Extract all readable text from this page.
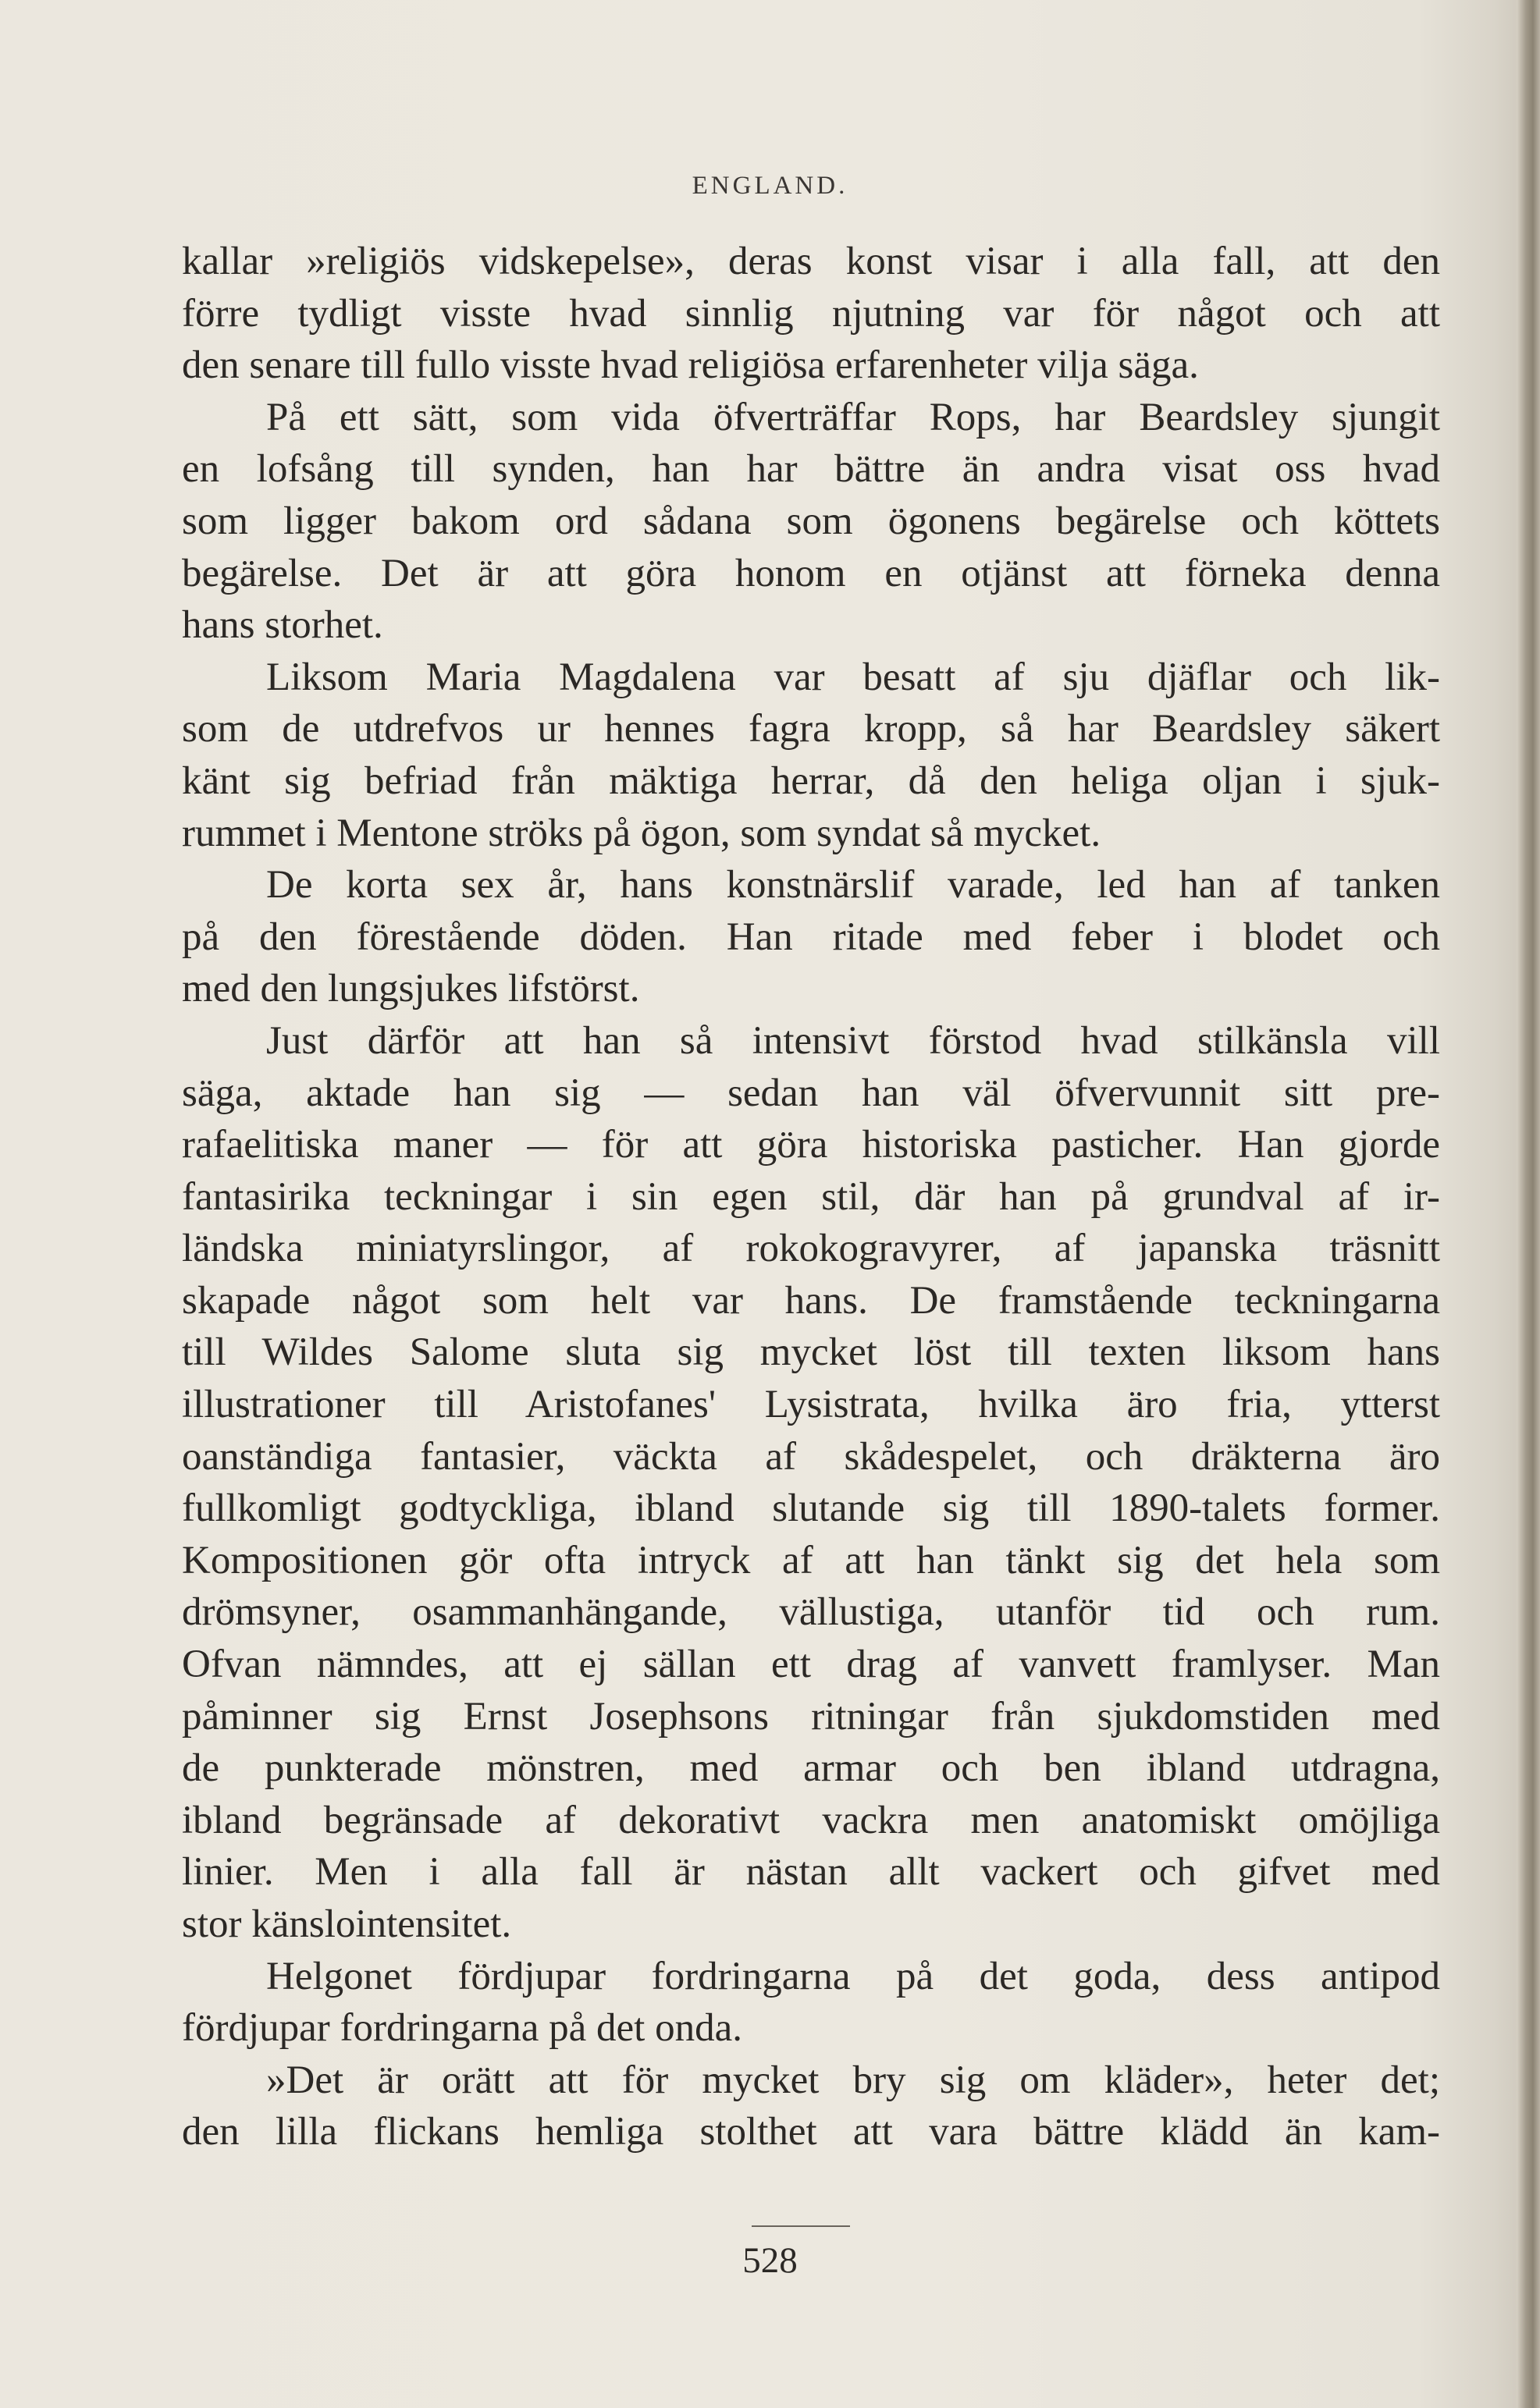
ENGLAND.
kallar »religiös vidskepelse», deras konst visar i alla fall, att den
förre tydligt visste hvad sinnlig njutning var för något och att
den senare till fullo visste hvad religiösa erfarenheter vilja säga.
På ett sätt, som vida öfverträffar Rops, har Beardsley sjungit
en lofsång till synden, han har bättre än andra visat oss hvad
som ligger bakom ord sådana som ögonens begärelse och köttets
begärelse. Det är att göra honom en otjänst att förneka denna
hans storhet.
Liksom Maria Magdalena var besatt af sju djäflar och lik-
som de utdrefvos ur hennes fagra kropp, så har Beardsley säkert
känt sig befriad från mäktiga herrar, då den heliga oljan i sjuk-
rummet i Mentone ströks på ögon, som syndat så mycket.
De korta sex år, hans konstnärslif varade, led han af tanken
på den förestående döden. Han ritade med feber i blodet och
med den lungsjukes lifstörst.
Just därför att han så intensivt förstod hvad stilkänsla vill
säga, aktade han sig — sedan han väl öfvervunnit sitt pre-
rafaelitiska maner — för att göra historiska pasticher. Han gjorde
fantasirika teckningar i sin egen stil, där han på grundval af ir-
ländska miniatyrslingor, af rokokogravyrer, af japanska träsnitt
skapade något som helt var hans. De framstående teckningarna
till Wildes Salome sluta sig mycket löst till texten liksom hans
illustrationer till Aristofanes' Lysistrata, hvilka äro fria, ytterst
oanständiga fantasier, väckta af skådespelet, och dräkterna äro
fullkomligt godtyckliga, ibland slutande sig till 1890-talets former.
Kompositionen gör ofta intryck af att han tänkt sig det hela som
drömsyner, osammanhängande, vällustiga, utanför tid och rum.
Ofvan nämndes, att ej sällan ett drag af vanvett framlyser. Man
påminner sig Ernst Josephsons ritningar från sjukdomstiden med
de punkterade mönstren, med armar och ben ibland utdragna,
ibland begränsade af dekorativt vackra men anatomiskt omöjliga
linier. Men i alla fall är nästan allt vackert och gifvet med
stor känslointensitet.
Helgonet fördjupar fordringarna på det goda, dess antipod
fördjupar fordringarna på det onda.
»Det är orätt att för mycket bry sig om kläder», heter det;
den lilla flickans hemliga stolthet att vara bättre klädd än kam-
528
